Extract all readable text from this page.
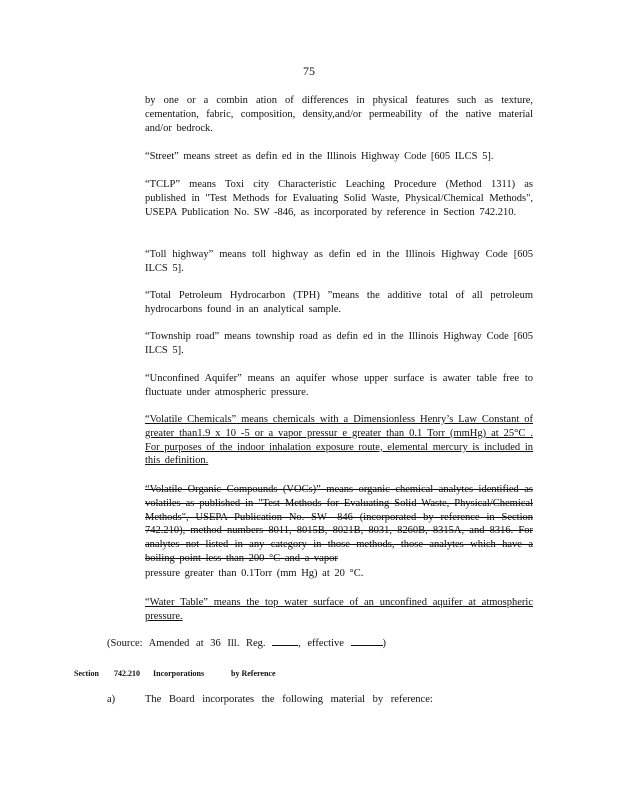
75
by one or a combin ation of differences in physical features such as texture, cementation, fabric, composition, density,and/or permeability of the native material and/or bedrock.
“Street” means street as defin ed in the Illinois Highway Code [605 ILCS 5].
“TCLP” means Toxi city Characteristic Leaching Procedure (Method 1311) as published in "Test Methods for Evaluating Solid Waste, Physical/Chemical Methods", USEPA Publication No. SW -846, as incorporated by reference in Section 742.210.
“Toll highway” means toll highway as defin ed in the Illinois Highway Code [605 ILCS 5].
“Total Petroleum Hydrocarbon (TPH) ”means the additive total of all petroleum hydrocarbons found in an analytical sample.
“Township road” means township road as defin ed in the Illinois Highway Code [605 ILCS 5].
“Unconfined Aquifer” means an aquifer whose upper surface is awater table free to fluctuate under atmospheric pressure.
“Volatile Chemicals” means chemicals with a Dimensionless Henry’s Law Constant of greater than1.9 x 10 -5 or a vapor pressur e greater than 0.1 Torr (mmHg) at 25°C . For purposes of the indoor inhalation exposure route, elemental mercury is included in this definition.
“Volatile Organic Compounds (VOCs)” means organic chemical analytes identified as volatiles as published in "Test Methods for Evaluating Solid Waste, Physical/Chemical Methods", USEPA Publication No. SW -846 (incorporated by reference in Section 742.210), method numbers 8011, 8015B, 8021B, 8031, 8260B, 8315A, and 8316. For analytes not listed in any category in those methods, those analytes which have a boiling point less than 200 °C and a vapor
pressure greater than 0.1Torr (mm Hg) at 20 °C.
“Water Table” means the top water surface of an unconfined aquifer at atmospheric pressure.
(Source: Amended at 36 Ill. Reg.	, effective	)
Section 742.210 Incorporations	by Reference
a)	The Board incorporates the following material by reference:
